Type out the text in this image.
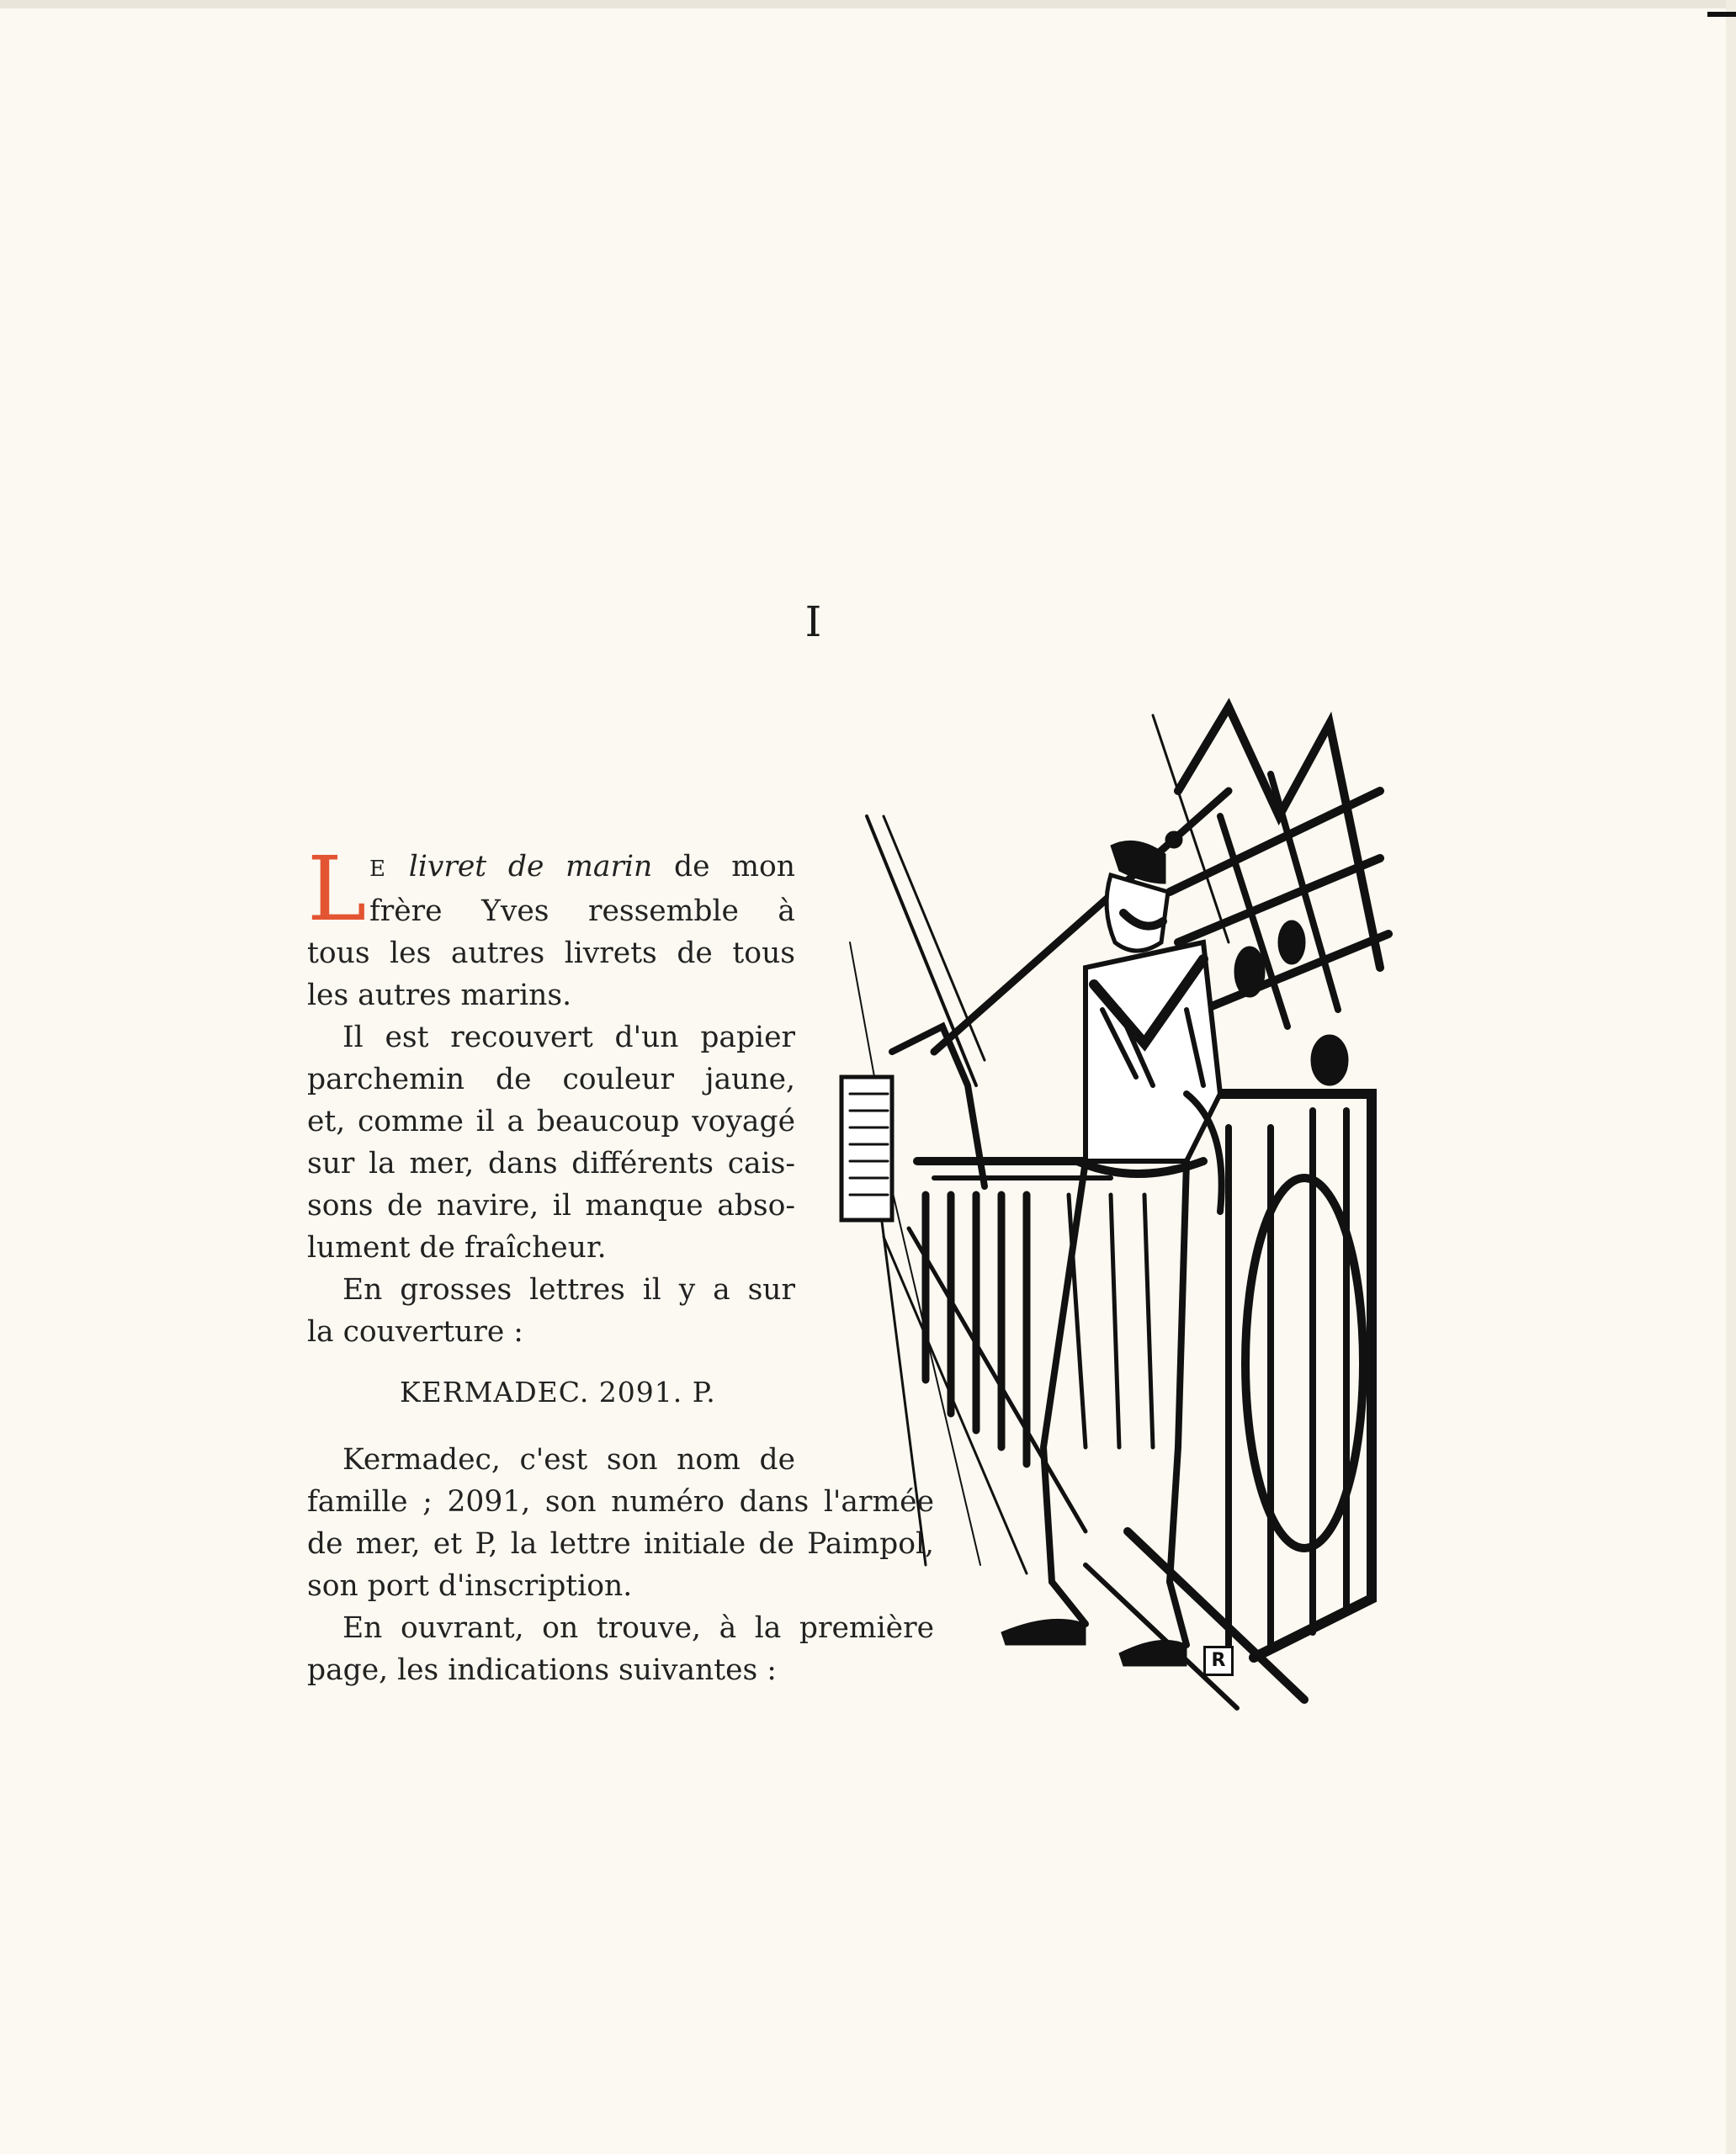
I
L E livret de marin de mon
frère Yves ressemble à
tous les autres livrets de tous
les autres marins.
Il est recouvert d'un papier
parchemin de couleur jaune,
et, comme il a beaucoup voyagé
sur la mer, dans différents cais-
sons de navire, il manque abso-
lument de fraîcheur.
En grosses lettres il y a sur
la couverture :
KERMADEC. 2091. P.
Kermadec, c'est son nom de
famille ; 2091, son numéro dans l'armée
de mer, et P, la lettre initiale de Paimpol,
son port d'inscription.
En ouvrant, on trouve, à la première
page, les indications suivantes :	R
